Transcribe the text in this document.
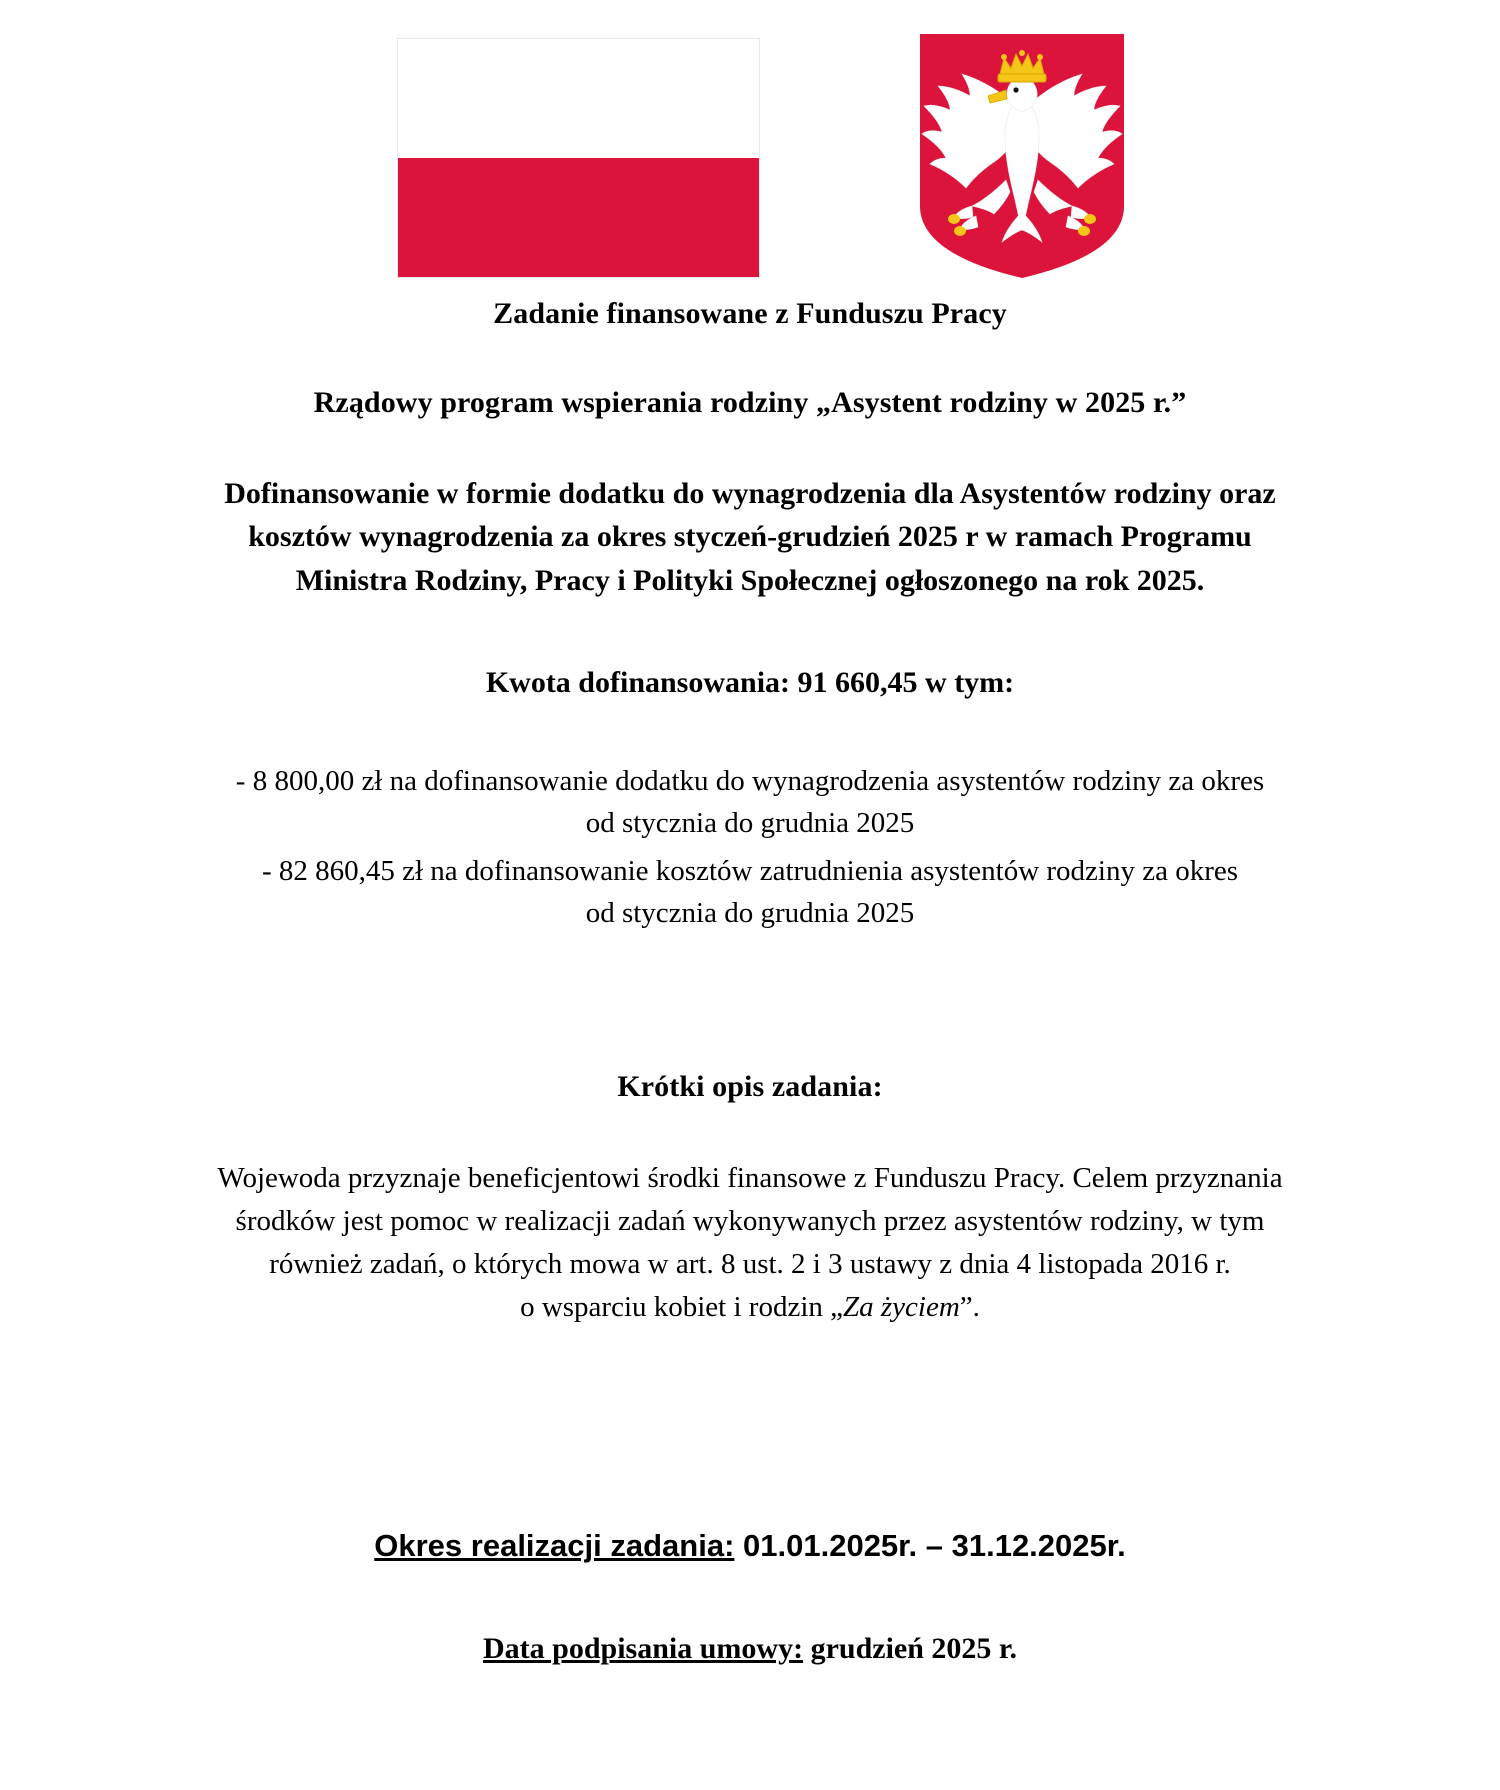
Zadanie finansowane z Funduszu Pracy
Rządowy program wspierania rodziny „Asystent rodziny w 2025 r.”
Dofinansowanie w formie dodatku do wynagrodzenia dla Asystentów rodziny oraz
kosztów wynagrodzenia za okres styczeń-grudzień 2025 r w ramach Programu
Ministra Rodziny, Pracy i Polityki Społecznej ogłoszonego na rok 2025.
Kwota dofinansowania: 91 660,45 w tym:
- 8 800,00 zł na dofinansowanie dodatku do wynagrodzenia asystentów rodziny za okres
od stycznia do grudnia 2025
- 82 860,45 zł na dofinansowanie kosztów zatrudnienia asystentów rodziny za okres
od stycznia do grudnia 2025
Krótki opis zadania:
Wojewoda przyznaje beneficjentowi środki finansowe z Funduszu Pracy. Celem przyznania
środków jest pomoc w realizacji zadań wykonywanych przez asystentów rodziny, w tym
również zadań, o których mowa w art. 8 ust. 2 i 3 ustawy z dnia 4 listopada 2016 r.
o wsparciu kobiet i rodzin „Za życiem”.
Okres realizacji zadania: 01.01.2025r. – 31.12.2025r.
Data podpisania umowy: grudzień 2025 r.
